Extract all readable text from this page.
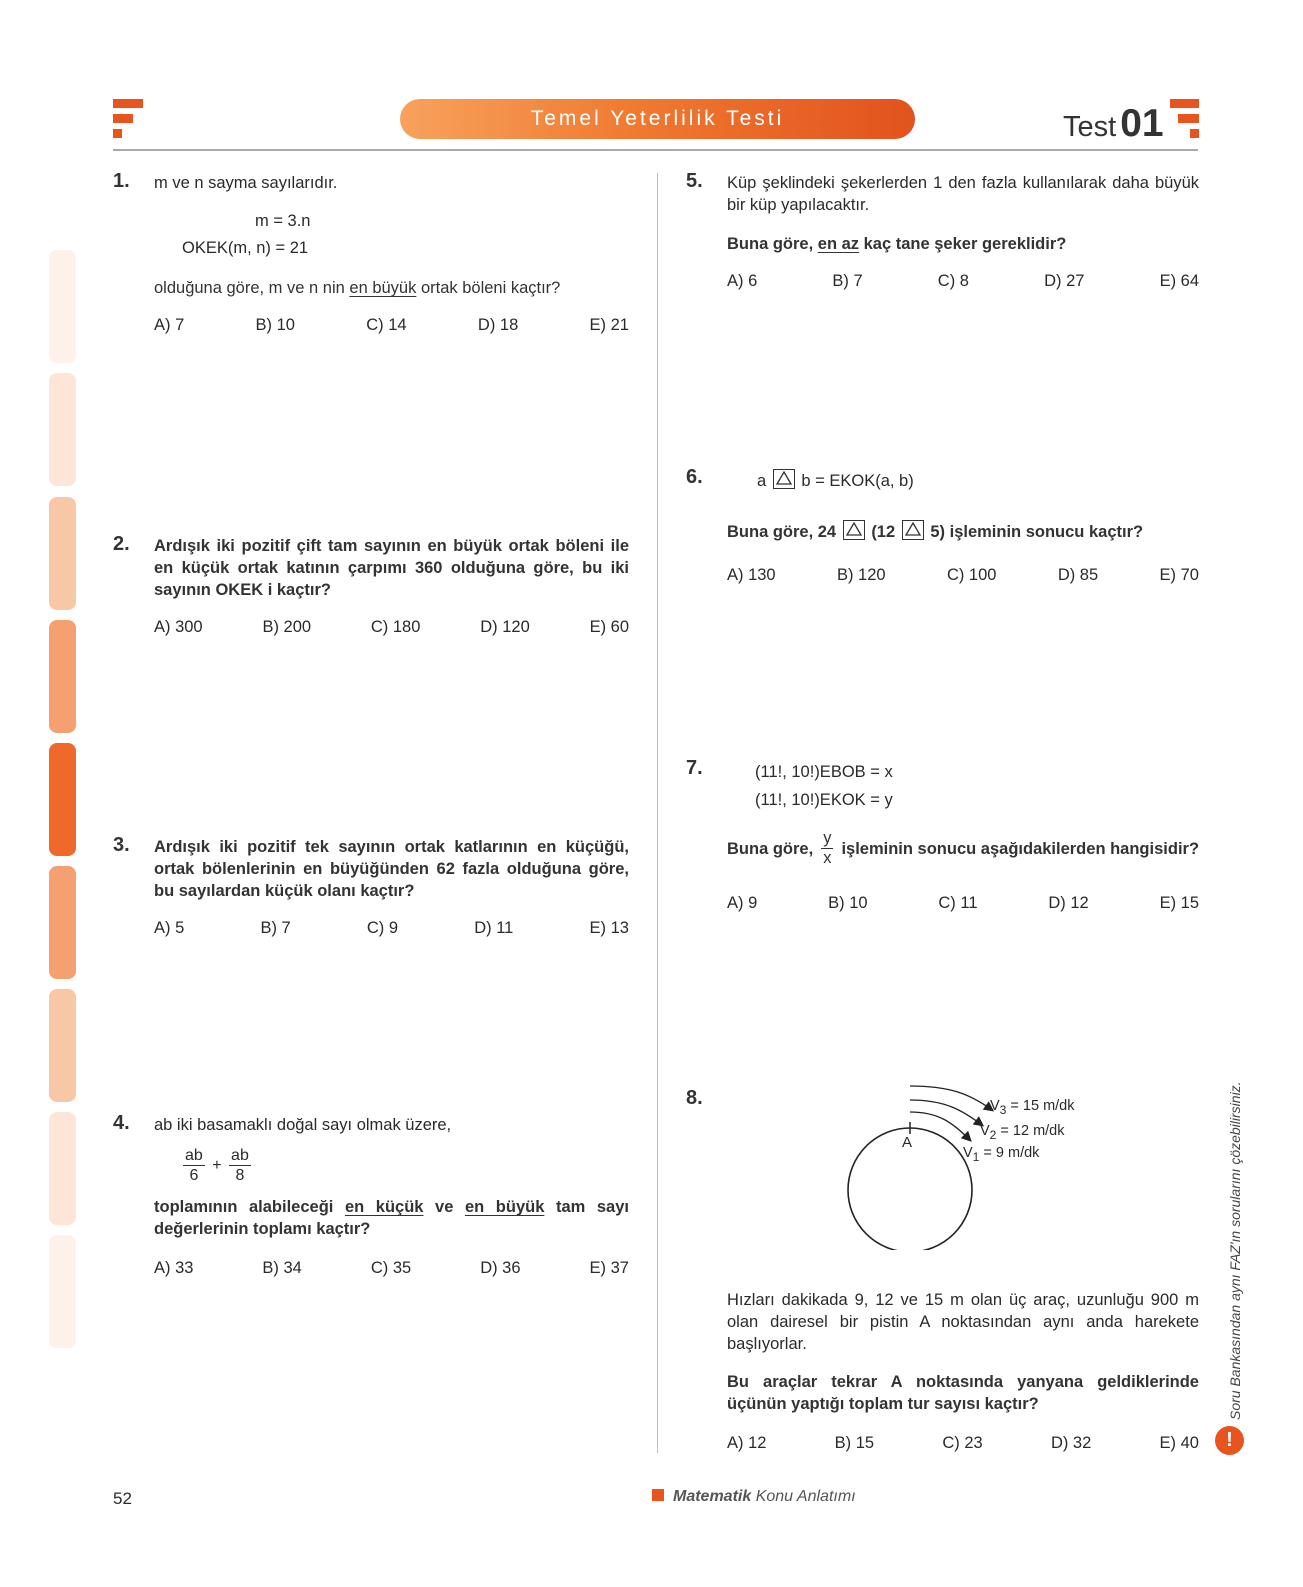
Temel Yeterlilik Testi	Test 01
1. m ve n sayma sayılarıdır.
m = 3.n
OKEK(m, n) = 21
olduğuna göre, m ve n nin en büyük ortak böleni kaçtır?
A) 7	B) 10	C) 14	D) 18	E) 21
2. Ardışık iki pozitif çift tam sayının en büyük ortak böleni ile en küçük ortak katının çarpımı 360 olduğuna göre, bu iki sayının OKEK i kaçtır?
A) 300	B) 200	C) 180	D) 120	E) 60
3. Ardışık iki pozitif tek sayının ortak katlarının en küçüğü, ortak bölenlerinin en büyüğünden 62 fazla olduğuna göre, bu sayılardan küçük olanı kaçtır?
A) 5	B) 7	C) 9	D) 11	E) 13
4. ab iki basamaklı doğal sayı olmak üzere,
$\frac{ab}{6} + \frac{ab}{8}$
toplamının alabileceği en küçük ve en büyük tam sayı değerlerinin toplamı kaçtır?
A) 33	B) 34	C) 35	D) 36	E) 37
5. Küp şeklindeki şekerlerden 1 den fazla kullanılarak daha büyük bir küp yapılacaktır.
Buna göre, en az kaç tane şeker gereklidir?
A) 6	B) 7	C) 8	D) 27	E) 64
6.	a b = EKOK(a, b)
Buna göre, 24 (12 5) işleminin sonucu kaçtır?
A) 130	B) 120	C) 100	D) 85	E) 70
7.	(11!, 10!)EBOB = x
(11!, 10!)EKOK = y
Buna göre, $\frac{y}{x}$ işleminin sonucu aşağıdakilerden hangisidir?
A) 9	B) 10	C) 11	D) 12	E) 15
8.
A
$V_3 = 15$ m/dk
$V_2 = 12$ m/dk
$V_1 = 9$ m/dk
Hızları dakikada 9, 12 ve 15 m olan üç araç, uzunluğu 900 m olan dairesel bir pistin A noktasından aynı anda harekete başlıyorlar.
Bu araçlar tekrar A noktasında yanyana geldiklerinde üçünün yaptığı toplam tur sayısı kaçtır?
A) 12	B) 15	C) 23	D) 32	E) 40
Soru Bankasından aynı FAZ'ın sorularını çözebilirsiniz.
!
52	Matematik Konu Anlatımı
